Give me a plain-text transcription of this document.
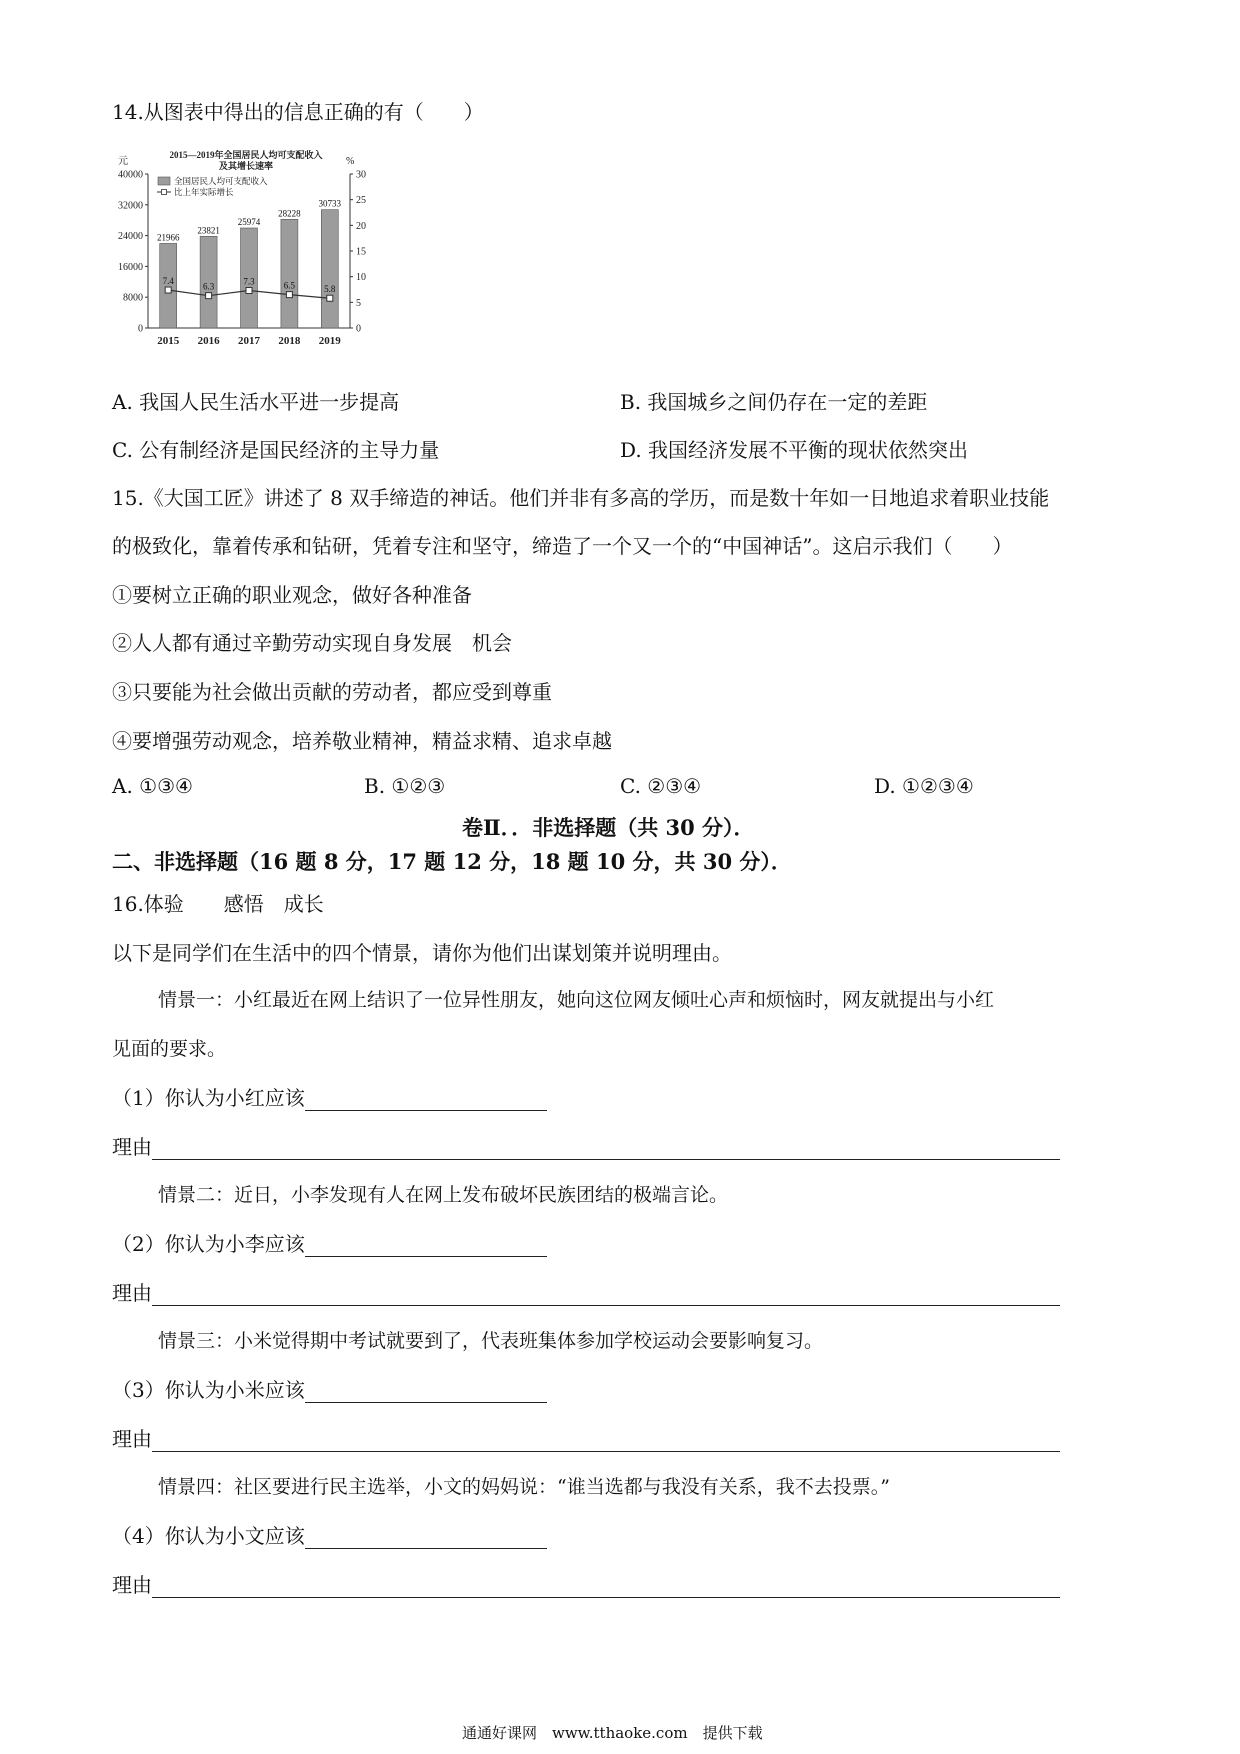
14.从图表中得出的信息正确的有（　　）
2015—2019年全国居民人均可支配收入
及其增长速率
元	%
0
8000
16000
24000
32000
40000
0
5
10
15
20
25
30
21966
2015
23821
2016
25974
2017
28228
2018
30733
2019
7.4
6.3
7.3	6.5	5.8
全国居民人均可支配收入
比上年实际增长
A. 我国人民生活水平进一步提高	B. 我国城乡之间仍存在一定的差距
C. 公有制经济是国民经济的主导力量	D. 我国经济发展不平衡的现状依然突出
15.《大国工匠》讲述了 8 双手缔造的神话。他们并非有多高的学历，而是数十年如一日地追求着职业技能
的极致化，靠着传承和钻研，凭着专注和坚守，缔造了一个又一个的“中国神话”。这启示我们（　　）
①要树立正确的职业观念，做好各种准备
②人人都有通过辛勤劳动实现自身发展　机会
③只要能为社会做出贡献的劳动者，都应受到尊重
④要增强劳动观念，培养敬业精神，精益求精、追求卓越
A. ①③④	B. ①②③	C. ②③④	D. ①②③④
卷Ⅱ．．非选择题（共 30 分）．
二、非选择题（16 题 8 分，17 题 12 分，18 题 10 分，共 30 分）．
16.体验　　感悟　成长
以下是同学们在生活中的四个情景，请你为他们出谋划策并说明理由。
情景一：小红最近在网上结识了一位异性朋友，她向这位网友倾吐心声和烦恼时，网友就提出与小红
见面的要求。
（1）你认为小红应该
理由
情景二：近日，小李发现有人在网上发布破坏民族团结的极端言论。
（2）你认为小李应该
理由
情景三：小米觉得期中考试就要到了，代表班集体参加学校运动会要影响复习。
（3）你认为小米应该
理由
情景四：社区要进行民主选举，小文的妈妈说：“谁当选都与我没有关系，我不去投票。”
（4）你认为小文应该
理由
通通好课网　www.tthaoke.com　提供下载
